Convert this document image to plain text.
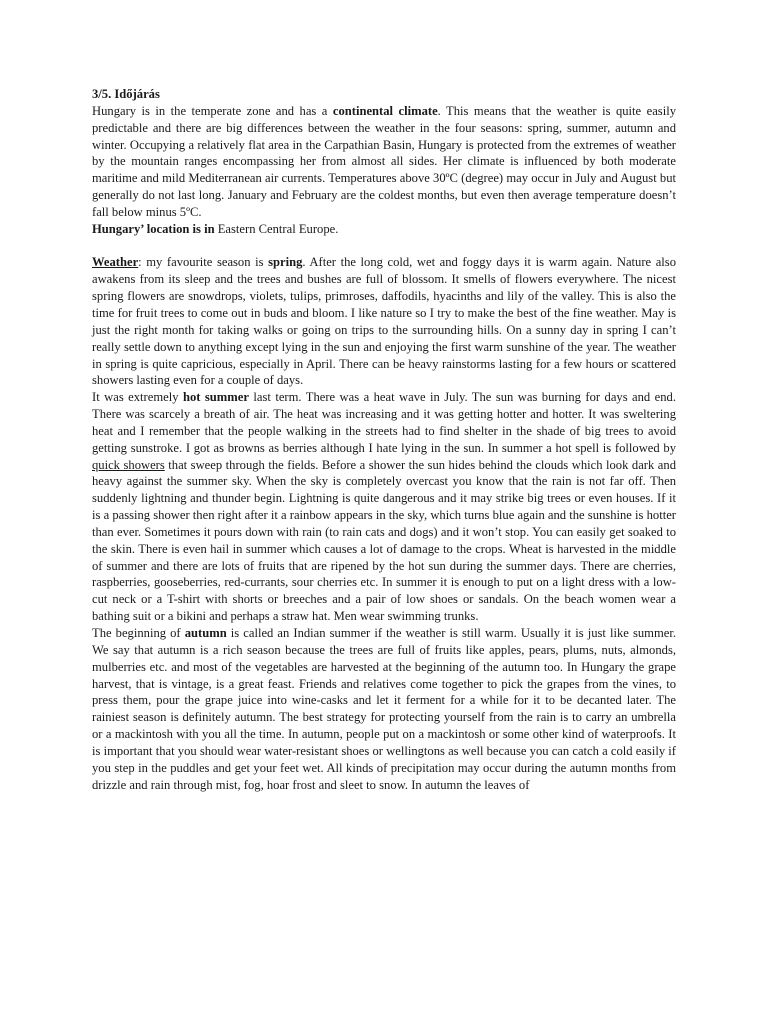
3/5. Időjárás

Hungary is in the temperate zone and has a continental climate. This means that the weather is quite easily predictable and there are big differences between the weather in the four seasons: spring, summer, autumn and winter. Occupying a relatively flat area in the Carpathian Basin, Hungary is protected from the extremes of weather by the mountain ranges encompassing her from almost all sides. Her climate is influenced by both moderate maritime and mild Mediterranean air currents. Temperatures above 30ºC (degree) may occur in July and August but generally do not last long. January and February are the coldest months, but even then average temperature doesn’t fall below minus 5ºC.

Hungary’ location is in Eastern Central Europe.

Weather: my favourite season is spring. After the long cold, wet and foggy days it is warm again. Nature also awakens from its sleep and the trees and bushes are full of blossom. It smells of flowers everywhere. The nicest spring flowers are snowdrops, violets, tulips, primroses, daffodils, hyacinths and lily of the valley. This is also the time for fruit trees to come out in buds and bloom. I like nature so I try to make the best of the fine weather. May is just the right month for taking walks or going on trips to the surrounding hills. On a sunny day in spring I can’t really settle down to anything except lying in the sun and enjoying the first warm sunshine of the year. The weather in spring is quite capricious, especially in April. There can be heavy rainstorms lasting for a few hours or scattered showers lasting even for a couple of days.

It was extremely hot summer last term. There was a heat wave in July. The sun was burning for days and end. There was scarcely a breath of air. The heat was increasing and it was getting hotter and hotter. It was sweltering heat and I remember that the people walking in the streets had to find shelter in the shade of big trees to avoid getting sunstroke. I got as browns as berries although I hate lying in the sun. In summer a hot spell is followed by quick showers that sweep through the fields. Before a shower the sun hides behind the clouds which look dark and heavy against the summer sky. When the sky is completely overcast you know that the rain is not far off. Then suddenly lightning and thunder begin. Lightning is quite dangerous and it may strike big trees or even houses. If it is a passing shower then right after it a rainbow appears in the sky, which turns blue again and the sunshine is hotter than ever. Sometimes it pours down with rain (to rain cats and dogs) and it won’t stop. You can easily get soaked to the skin. There is even hail in summer which causes a lot of damage to the crops. Wheat is harvested in the middle of summer and there are lots of fruits that are ripened by the hot sun during the summer days. There are cherries, raspberries, gooseberries, red-currants, sour cherries etc. In summer it is enough to put on a light dress with a low-cut neck or a T-shirt with shorts or breeches and a pair of low shoes or sandals. On the beach women wear a bathing suit or a bikini and perhaps a straw hat. Men wear swimming trunks.

The beginning of autumn is called an Indian summer if the weather is still warm. Usually it is just like summer. We say that autumn is a rich season because the trees are full of fruits like apples, pears, plums, nuts, almonds, mulberries etc. and most of the vegetables are harvested at the beginning of the autumn too. In Hungary the grape harvest, that is vintage, is a great feast. Friends and relatives come together to pick the grapes from the vines, to press them, pour the grape juice into wine-casks and let it ferment for a while for it to be decanted later. The rainiest season is definitely autumn. The best strategy for protecting yourself from the rain is to carry an umbrella or a mackintosh with you all the time. In autumn, people put on a mackintosh or some other kind of waterproofs. It is important that you should wear water-resistant shoes or wellingtons as well because you can catch a cold easily if you step in the puddles and get your feet wet. All kinds of precipitation may occur during the autumn months from drizzle and rain through mist, fog, hoar frost and sleet to snow. In autumn the leaves of
